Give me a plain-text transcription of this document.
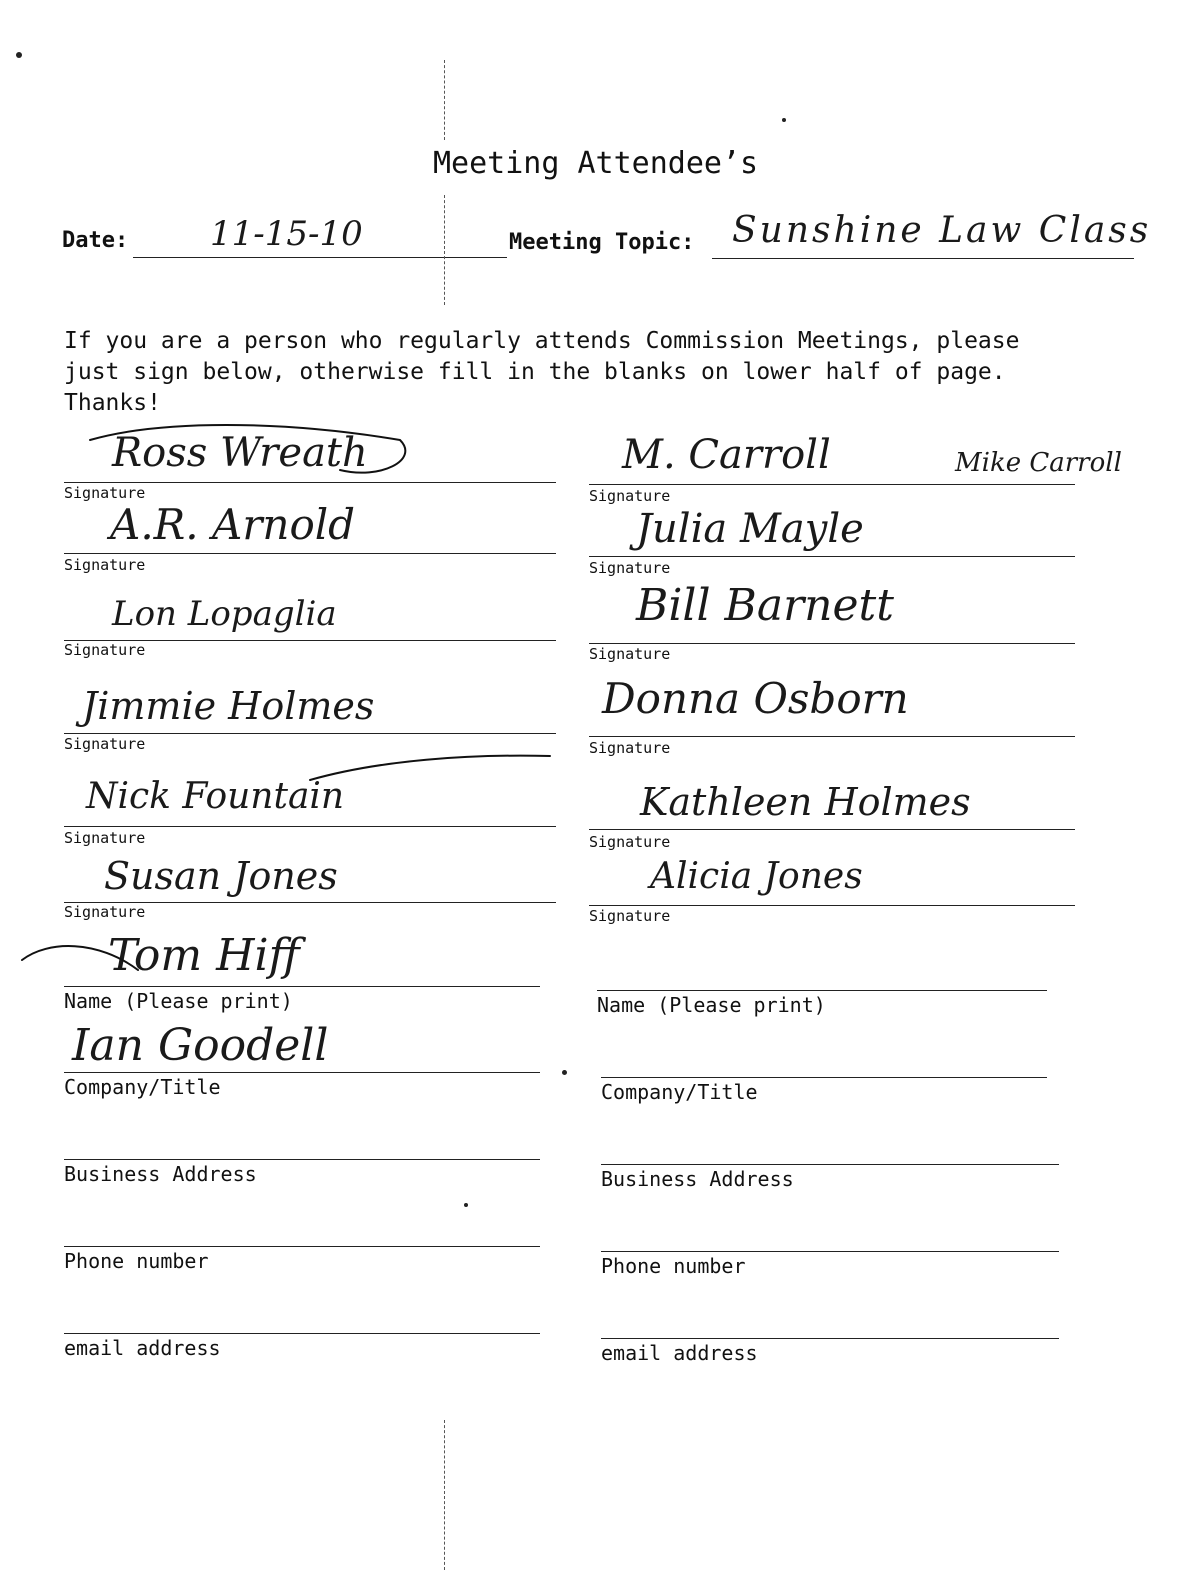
Meeting Attendee’s
Date: 11-15-10	Meeting Topic: Sunshine Law Class
If you are a person who regularly attends Commission Meetings, please
just sign below, otherwise fill in the blanks on lower half of page.
Thanks!
Signature
Ross Wreath
Signature
A.R. Arnold
Signature
Lon Lopaglia
Signature
Jimmie Holmes
Signature
Nick Fountain
Signature
Susan Jones
Signature
M. Carroll	Mike Carroll
Signature
Julia Mayle
Signature
Bill Barnett
Signature
Donna Osborn
Signature
Kathleen Holmes
Signature
Alicia Jones
Name (Please print)
Tom Hiff
Company/Title
Ian Goodell
Business Address
Phone number
email address
Name (Please print)
Company/Title
Business Address
Phone number
email address
